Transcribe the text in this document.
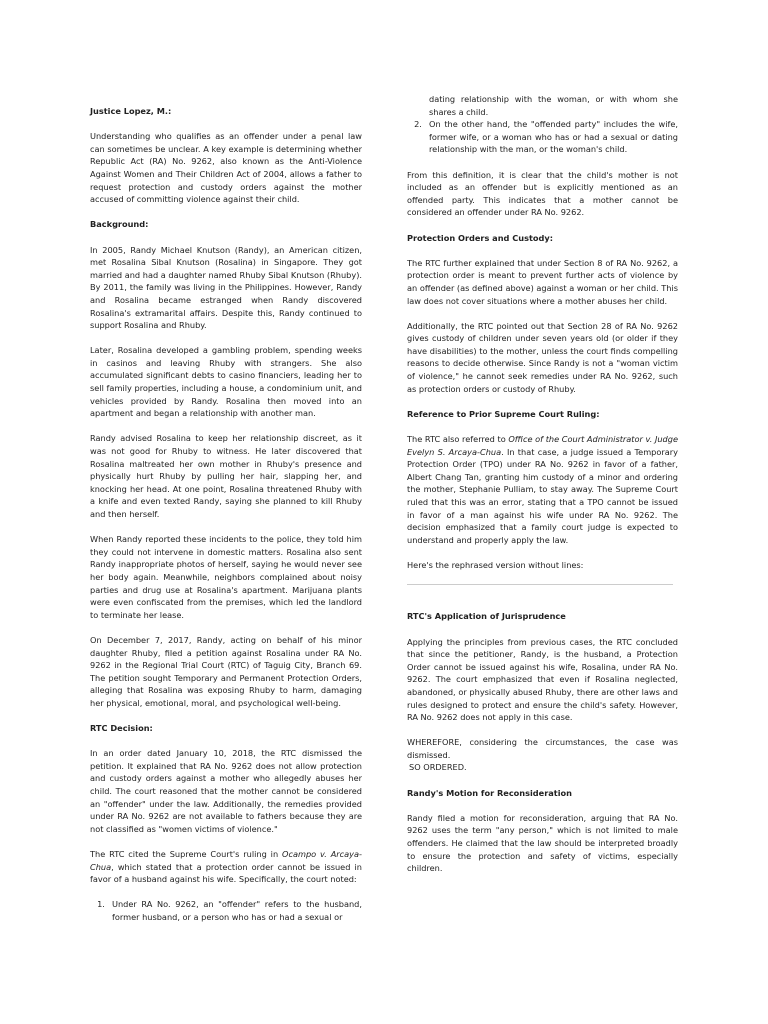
Justice Lopez, M.:

Understanding who qualifies as an offender under a penal law can sometimes be unclear. A key example is determining whether Republic Act (RA) No. 9262, also known as the Anti-Violence Against Women and Their Children Act of 2004, allows a father to request protection and custody orders against the mother accused of committing violence against their child.

Background:

In 2005, Randy Michael Knutson (Randy), an American citizen, met Rosalina Sibal Knutson (Rosalina) in Singapore. They got married and had a daughter named Rhuby Sibal Knutson (Rhuby). By 2011, the family was living in the Philippines. However, Randy and Rosalina became estranged when Randy discovered Rosalina's extramarital affairs. Despite this, Randy continued to support Rosalina and Rhuby.

Later, Rosalina developed a gambling problem, spending weeks in casinos and leaving Rhuby with strangers. She also accumulated significant debts to casino financiers, leading her to sell family properties, including a house, a condominium unit, and vehicles provided by Randy. Rosalina then moved into an apartment and began a relationship with another man.

Randy advised Rosalina to keep her relationship discreet, as it was not good for Rhuby to witness. He later discovered that Rosalina maltreated her own mother in Rhuby's presence and physically hurt Rhuby by pulling her hair, slapping her, and knocking her head. At one point, Rosalina threatened Rhuby with a knife and even texted Randy, saying she planned to kill Rhuby and then herself.

When Randy reported these incidents to the police, they told him they could not intervene in domestic matters. Rosalina also sent Randy inappropriate photos of herself, saying he would never see her body again. Meanwhile, neighbors complained about noisy parties and drug use at Rosalina's apartment. Marijuana plants were even confiscated from the premises, which led the landlord to terminate her lease.

On December 7, 2017, Randy, acting on behalf of his minor daughter Rhuby, filed a petition against Rosalina under RA No. 9262 in the Regional Trial Court (RTC) of Taguig City, Branch 69. The petition sought Temporary and Permanent Protection Orders, alleging that Rosalina was exposing Rhuby to harm, damaging her physical, emotional, moral, and psychological well-being.

RTC Decision:

In an order dated January 10, 2018, the RTC dismissed the petition. It explained that RA No. 9262 does not allow protection and custody orders against a mother who allegedly abuses her child. The court reasoned that the mother cannot be considered an "offender" under the law. Additionally, the remedies provided under RA No. 9262 are not available to fathers because they are not classified as "women victims of violence."

The RTC cited the Supreme Court's ruling in Ocampo v. Arcaya-Chua, which stated that a protection order cannot be issued in favor of a husband against his wife. Specifically, the court noted:

1. Under RA No. 9262, an "offender" refers to the husband, former husband, or a person who has or had a sexual or

dating relationship with the woman, or with whom she shares a child.

2. On the other hand, the "offended party" includes the wife, former wife, or a woman who has or had a sexual or dating relationship with the man, or the woman's child.

From this definition, it is clear that the child's mother is not included as an offender but is explicitly mentioned as an offended party. This indicates that a mother cannot be considered an offender under RA No. 9262.

Protection Orders and Custody:

The RTC further explained that under Section 8 of RA No. 9262, a protection order is meant to prevent further acts of violence by an offender (as defined above) against a woman or her child. This law does not cover situations where a mother abuses her child.

Additionally, the RTC pointed out that Section 28 of RA No. 9262 gives custody of children under seven years old (or older if they have disabilities) to the mother, unless the court finds compelling reasons to decide otherwise. Since Randy is not a "woman victim of violence," he cannot seek remedies under RA No. 9262, such as protection orders or custody of Rhuby.

Reference to Prior Supreme Court Ruling:

The RTC also referred to Office of the Court Administrator v. Judge Evelyn S. Arcaya-Chua. In that case, a judge issued a Temporary Protection Order (TPO) under RA No. 9262 in favor of a father, Albert Chang Tan, granting him custody of a minor and ordering the mother, Stephanie Pulliam, to stay away. The Supreme Court ruled that this was an error, stating that a TPO cannot be issued in favor of a man against his wife under RA No. 9262. The decision emphasized that a family court judge is expected to understand and properly apply the law.

Here's the rephrased version without lines:

RTC's Application of Jurisprudence

Applying the principles from previous cases, the RTC concluded that since the petitioner, Randy, is the husband, a Protection Order cannot be issued against his wife, Rosalina, under RA No. 9262. The court emphasized that even if Rosalina neglected, abandoned, or physically abused Rhuby, there are other laws and rules designed to protect and ensure the child's safety. However, RA No. 9262 does not apply in this case.

WHEREFORE, considering the circumstances, the case was dismissed.

SO ORDERED.

Randy's Motion for Reconsideration

Randy filed a motion for reconsideration, arguing that RA No. 9262 uses the term "any person," which is not limited to male offenders. He claimed that the law should be interpreted broadly to ensure the protection and safety of victims, especially children.
